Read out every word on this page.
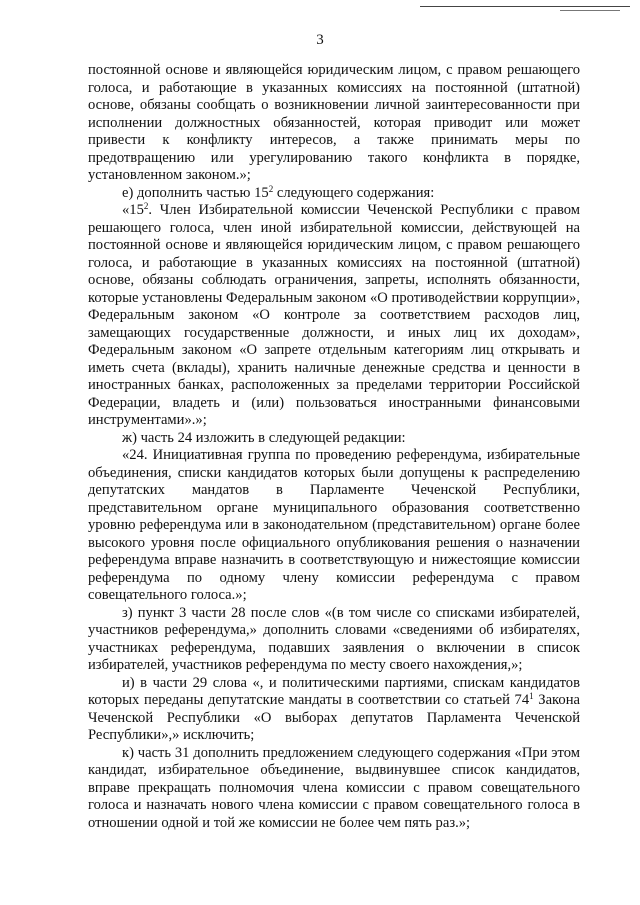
3

постоянной основе и являющейся юридическим лицом, с правом решающего голоса, и работающие в указанных комиссиях на постоянной (штатной) основе, обязаны сообщать о возникновении личной заинтересованности при исполнении должностных обязанностей, которая приводит или может привести к конфликту интересов, а также принимать меры по предотвращению или урегулированию такого конфликта в порядке, установленном законом.»;

е) дополнить частью $15^2$ следующего содержания:

«$15^2$. Член Избирательной комиссии Чеченской Республики с правом решающего голоса, член иной избирательной комиссии, действующей на постоянной основе и являющейся юридическим лицом, с правом решающего голоса, и работающие в указанных комиссиях на постоянной (штатной) основе, обязаны соблюдать ограничения, запреты, исполнять обязанности, которые установлены Федеральным законом «О противодействии коррупции», Федеральным законом «О контроле за соответствием расходов лиц, замещающих государственные должности, и иных лиц их доходам», Федеральным законом «О запрете отдельным категориям лиц открывать и иметь счета (вклады), хранить наличные денежные средства и ценности в иностранных банках, расположенных за пределами территории Российской Федерации, владеть и (или) пользоваться иностранными финансовыми инструментами».»;

ж) часть 24 изложить в следующей редакции:

«24. Инициативная группа по проведению референдума, избирательные объединения, списки кандидатов которых были допущены к распределению депутатских мандатов в Парламенте Чеченской Республики, представительном органе муниципального образования соответственно уровню референдума или в законодательном (представительном) органе более высокого уровня после официального опубликования решения о назначении референдума вправе назначить в соответствующую и нижестоящие комиссии референдума по одному члену комиссии референдума с правом совещательного голоса.»;

з) пункт 3 части 28 после слов «(в том числе со списками избирателей, участников референдума,» дополнить словами «сведениями об избирателях, участниках референдума, подавших заявления о включении в список избирателей, участников референдума по месту своего нахождения,»;

и) в части 29 слова «, и политическими партиями, спискам кандидатов которых переданы депутатские мандаты в соответствии со статьей $74^1$ Закона Чеченской Республики «О выборах депутатов Парламента Чеченской Республики»,» исключить;

к) часть 31 дополнить предложением следующего содержания «При этом кандидат, избирательное объединение, выдвинувшее список кандидатов, вправе прекращать полномочия члена комиссии с правом совещательного голоса и назначать нового члена комиссии с правом совещательного голоса в отношении одной и той же комиссии не более чем пять раз.»;
